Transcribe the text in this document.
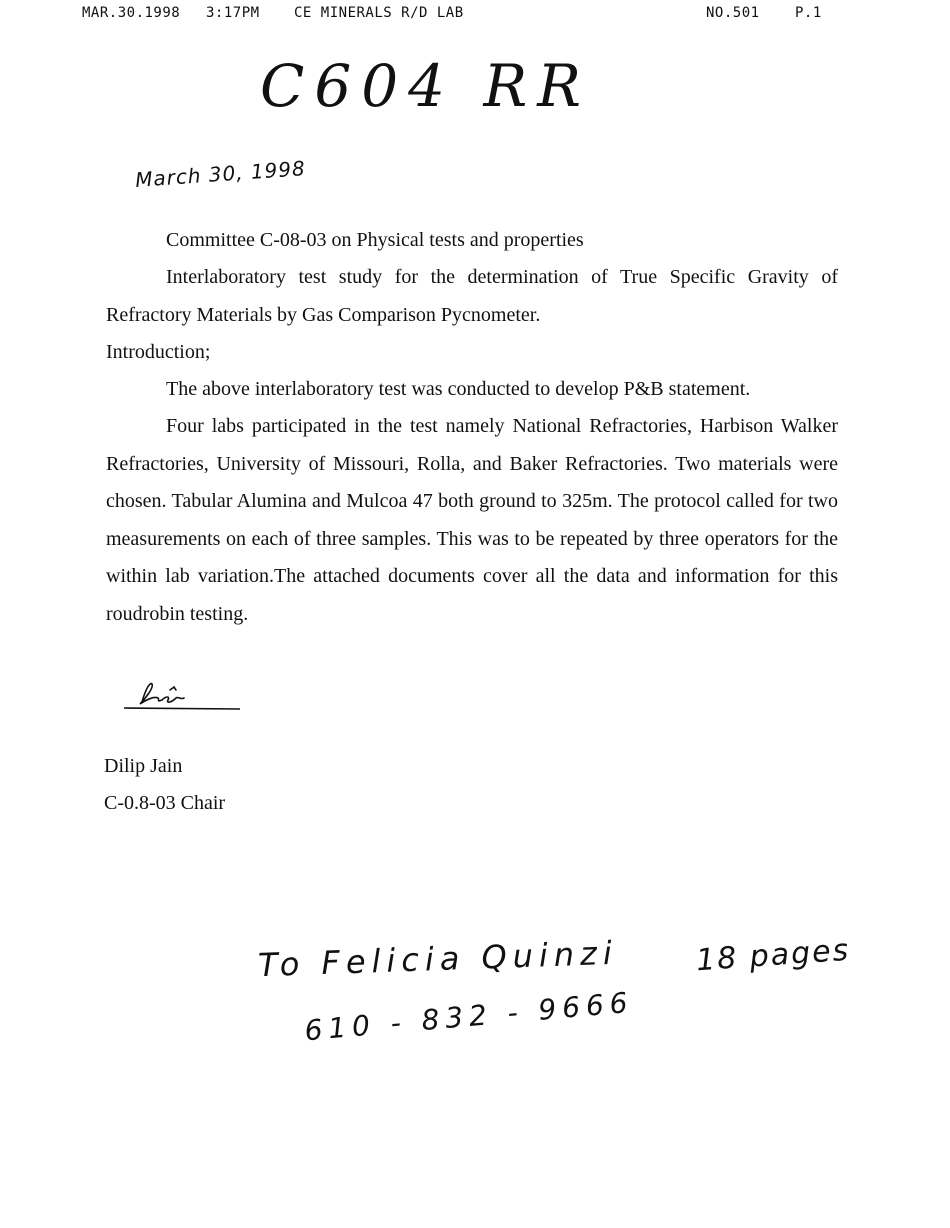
MAR.30.1998 3:17PM CE MINERALS R/D LAB	NO.501	P.1
C604 RR
March 30, 1998
Committee C-08-03 on Physical tests and properties
Interlaboratory test study for the determination of True Specific Gravity of Refractory Materials by Gas Comparison Pycnometer.
Introduction;
The above interlaboratory test was conducted to develop P&B statement.
Four labs participated in the test namely National Refractories, Harbison Walker Refractories, University of Missouri, Rolla, and Baker Refractories. Two materials were chosen. Tabular Alumina and Mulcoa 47 both ground to 325m. The protocol called for two measurements on each of three samples. This was to be repeated by three operators for the within lab variation.The attached documents cover all the data and information for this roudrobin testing.
Dilip Jain
C-0.8-03 Chair
To Felicia Quinzi
610 - 832 - 9666
18 pages
